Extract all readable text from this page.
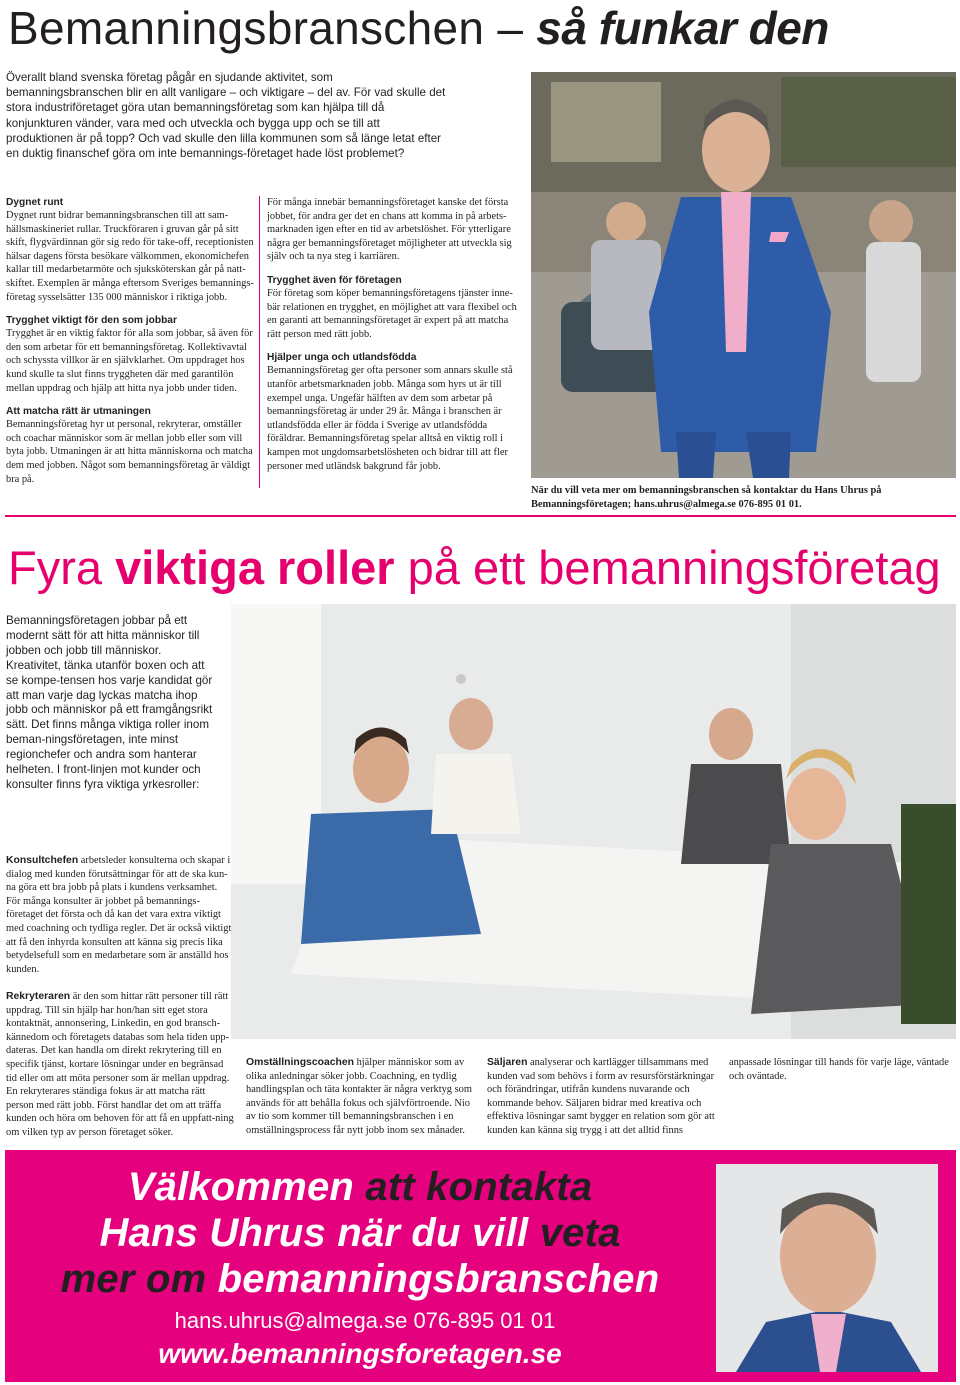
Bemanningsbranschen – så funkar den
Överallt bland svenska företag pågår en sjudande aktivitet, som bemanningsbranschen blir en allt vanligare – och viktigare – del av. För vad skulle det stora industriföretaget göra utan bemanningsföretag som kan hjälpa till då konjunkturen vänder, vara med och utveckla och bygga upp och se till att produktionen är på topp? Och vad skulle den lilla kommunen som så länge letat efter en duktig finanschef göra om inte bemannings-företaget hade löst problemet?
Dygnet runt

Dygnet runt bidrar bemanningsbranschen till att sam-hällsmaskineriet rullar. Truckföraren i gruvan går på sitt skift, flygvärdinnan gör sig redo för take-off, receptionisten hälsar dagens första besökare välkommen, ekonomichefen kallar till medarbetarmöte och sjuksköterskan går på natt-skiftet. Exemplen är många eftersom Sveriges bemannings-företag sysselsätter 135 000 människor i riktiga jobb.

Trygghet viktigt för den som jobbar

Trygghet är en viktig faktor för alla som jobbar, så även för den som arbetar för ett bemanningsföretag. Kollektivavtal och schyssta villkor är en självklarhet. Om uppdraget hos kund skulle ta slut finns tryggheten där med garantilön mellan uppdrag och hjälp att hitta nya jobb under tiden.

Att matcha rätt är utmaningen

Bemanningsföretag hyr ut personal, rekryterar, omställer och coachar människor som är mellan jobb eller som vill byta jobb. Utmaningen är att hitta människorna och matcha dem med jobben. Något som bemanningsföretag är väldigt bra på.

För många innebär bemanningsföretaget kanske det första jobbet, för andra ger det en chans att komma in på arbets-marknaden igen efter en tid av arbetslöshet. För ytterligare några ger bemanningsföretaget möjligheter att utveckla sig själv och ta nya steg i karriären.

Trygghet även för företagen

För företag som köper bemanningsföretagens tjänster inne-bär relationen en trygghet, en möjlighet att vara flexibel och en garanti att bemanningsföretaget är expert på att matcha rätt person med rätt jobb.

Hjälper unga och utlandsfödda

Bemanningsföretag ger ofta personer som annars skulle stå utanför arbetsmarknaden jobb. Många som hyrs ut är till exempel unga. Ungefär hälften av dem som arbetar på bemanningsföretag är under 29 år. Många i branschen är utlandsfödda eller är födda i Sverige av utlandsfödda föräldrar. Bemanningsföretag spelar alltså en viktig roll i kampen mot ungdomsarbetslösheten och bidrar till att fler personer med utländsk bakgrund får jobb.

När du vill veta mer om bemanningsbranschen så kontaktar du Hans Uhrus på Bemanningsföretagen; hans.uhrus@almega.se 076-895 01 01.
Fyra viktiga roller på ett bemanningsföretag
Bemanningsföretagen jobbar på ett modernt sätt för att hitta människor till jobben och jobb till människor. Kreativitet, tänka utanför boxen och att se kompe-tensen hos varje kandidat gör att man varje dag lyckas matcha ihop jobb och människor på ett framgångsrikt sätt. Det finns många viktiga roller inom beman-ningsföretagen, inte minst regionchefer och andra som hanterar helheten. I front-linjen mot kunder och konsulter finns fyra viktiga yrkesroller:
Konsultchefen arbetsleder konsulterna och skapar i dialog med kunden förutsättningar för att de ska kun-na göra ett bra jobb på plats i kundens verksamhet. För många konsulter är jobbet på bemannings-företaget det första och då kan det vara extra viktigt med coachning och tydliga regler. Det är också viktigt att få den inhyrda konsulten att känna sig precis lika betydelsefull som en medarbetare som är anställd hos kunden.
Rekryteraren är den som hittar rätt personer till rätt uppdrag. Till sin hjälp har hon/han sitt eget stora kontaktnät, annonsering, Linkedin, en god bransch-kännedom och företagets databas som hela tiden upp-dateras. Det kan handla om direkt rekrytering till en specifik tjänst, kortare lösningar under en begränsad tid eller om att möta personer som är mellan uppdrag. En rekryterares ständiga fokus är att matcha rätt person med rätt jobb. Först handlar det om att träffa kunden och höra om behoven för att få en uppfatt-ning om vilken typ av person företaget söker.
Omställningscoachen hjälper människor som av olika anledningar söker jobb. Coachning, en tydlig handlingsplan och täta kontakter är några verktyg som används för att behålla fokus och självförtroende. Nio av tio som kommer till bemanningsbranschen i en omställningsprocess får nytt jobb inom sex månader.
Säljaren analyserar och kartlägger tillsammans med kunden vad som behövs i form av resursförstärkningar och förändringar, utifrån kundens nuvarande och kommande behov. Säljaren bidrar med kreativa och effektiva lösningar samt bygger en relation som gör att kunden kan känna sig trygg i att det alltid finns
anpassade lösningar till hands för varje läge, väntade och oväntade.
Välkommen att kontakta
Hans Uhrus när du vill veta
mer om bemanningsbranschen
hans.uhrus@almega.se 076-895 01 01
www.bemanningsforetagen.se
